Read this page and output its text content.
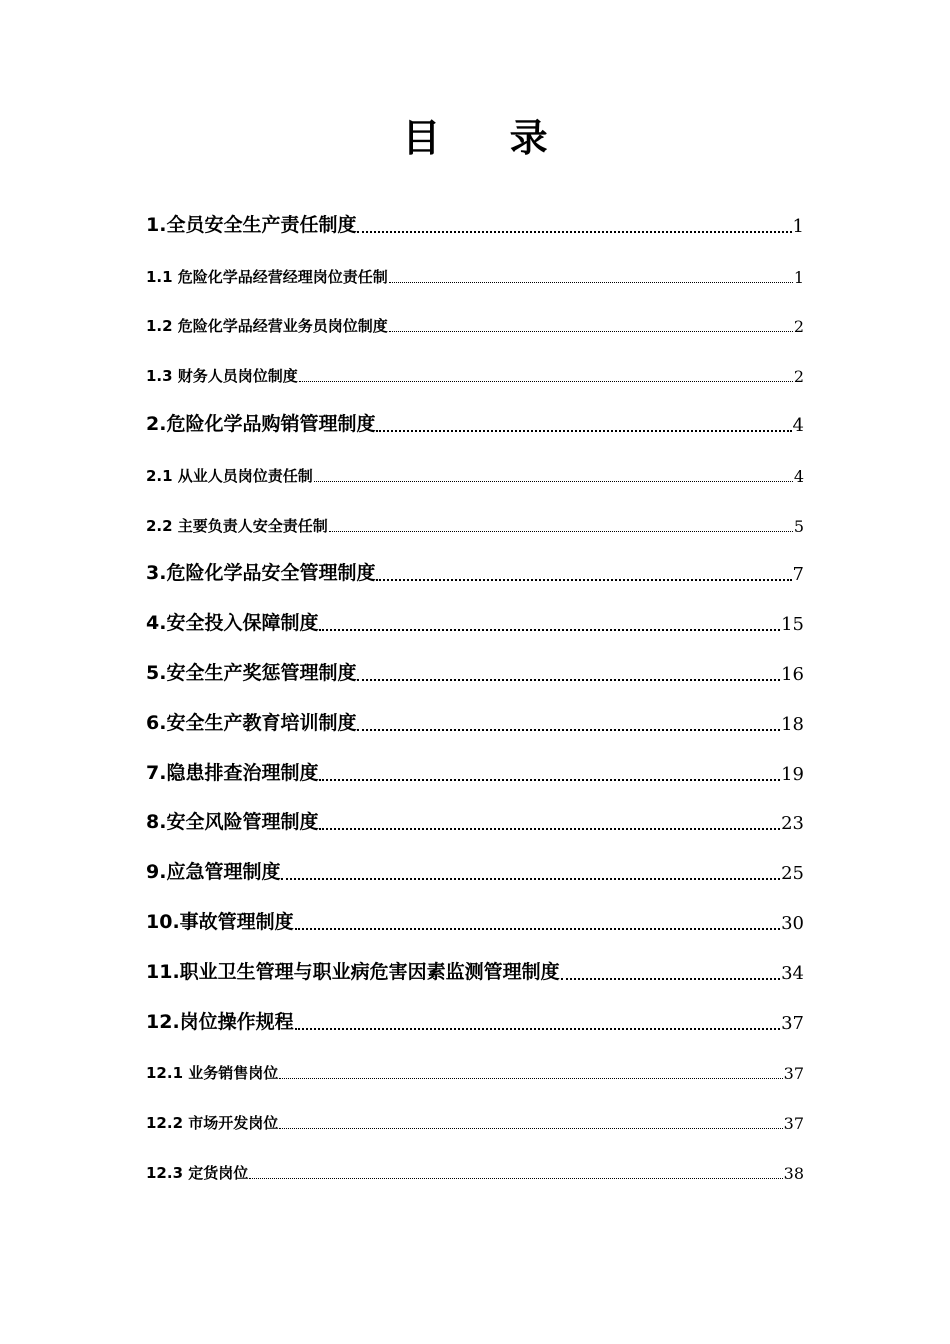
目 录
1.全员安全生产责任制度	1
1.1 危险化学品经营经理岗位责任制	1
1.2 危险化学品经营业务员岗位制度	2
1.3 财务人员岗位制度	2
2.危险化学品购销管理制度	4
2.1 从业人员岗位责任制	4
2.2 主要负责人安全责任制	5
3.危险化学品安全管理制度	7
4.安全投入保障制度	15
5.安全生产奖惩管理制度	16
6.安全生产教育培训制度	18
7.隐患排查治理制度	19
8.安全风险管理制度	23
9.应急管理制度	25
10.事故管理制度	30
11.职业卫生管理与职业病危害因素监测管理制度	34
12.岗位操作规程	37
12.1 业务销售岗位	37
12.2 市场开发岗位	37
12.3 定货岗位	38
